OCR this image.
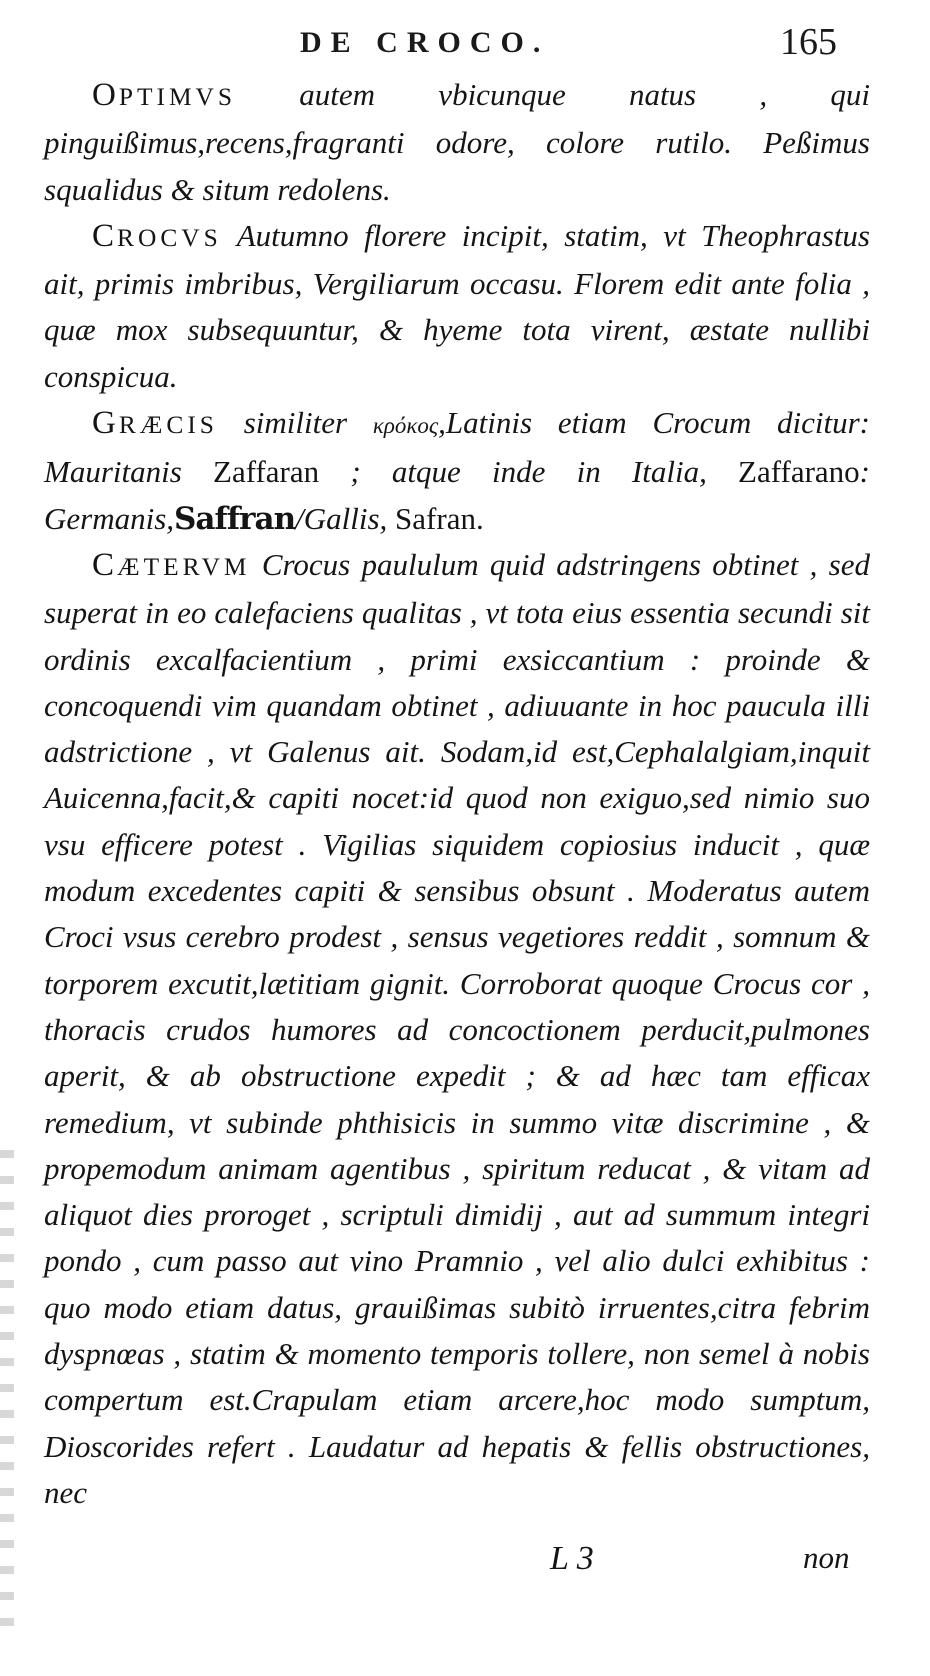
DE CROCO.	165

OPTIMVS autem vbicunque natus , qui pinguißimus,recens,fragranti odore, colore rutilo. Peßimus squalidus & situm redolens.

CROCVS Autumno florere incipit, statim, vt Theophrastus ait, primis imbribus, Vergiliarum occasu. Florem edit ante folia , quæ mox subsequuntur, & hyeme tota virent, æstate nullibi conspicua.

GRÆCIS similiter κρόκος,Latinis etiam Crocum dicitur: Mauritanis Zaffaran ; atque inde in Italia, Zaffarano: Germanis,Saffran/Gallis, Safran.

CÆTERVM Crocus paululum quid adstringens obtinet , sed superat in eo calefaciens qualitas , vt tota eius essentia secundi sit ordinis excalfacientium , primi exsiccantium : proinde & concoquendi vim quandam obtinet , adiuuante in hoc paucula illi adstrictione , vt Galenus ait. Sodam,id est,Cephalalgiam,inquit Auicenna,facit,& capiti nocet:id quod non exiguo,sed nimio suo vsu efficere potest . Vigilias siquidem copiosius inducit , quæ modum excedentes capiti & sensibus obsunt . Moderatus autem Croci vsus cerebro prodest , sensus vegetiores reddit , somnum & torporem excutit,lætitiam gignit. Corroborat quoque Crocus cor , thoracis crudos humores ad concoctionem perducit,pulmones aperit, & ab obstructione expedit ; & ad hæc tam efficax remedium, vt subinde phthisicis in summo vitæ discrimine , & propemodum animam agentibus , spiritum reducat , & vitam ad aliquot dies proroget , scriptuli dimidij , aut ad summum integri pondo , cum passo aut vino Pramnio , vel alio dulci exhibitus : quo modo etiam datus, grauißimas subitò irruentes,citra febrim dyspnœas , statim & momento temporis tollere, non semel à nobis compertum est.Crapulam etiam arcere,hoc modo sumptum, Dioscorides refert . Laudatur ad hepatis & fellis obstructiones, nec

L 3	non
